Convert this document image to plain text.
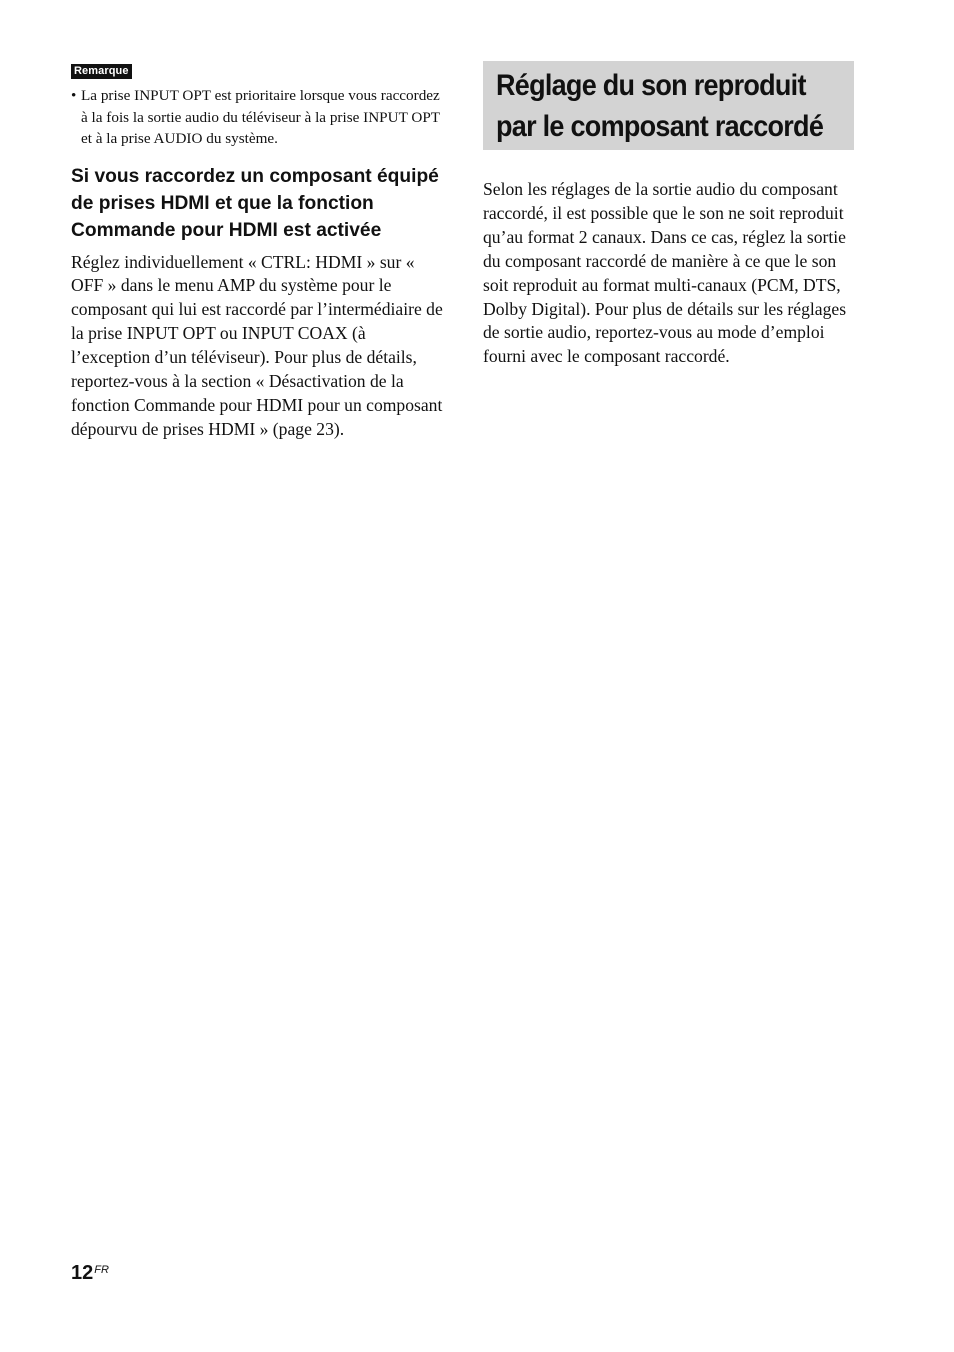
Remarque
• La prise INPUT OPT est prioritaire lorsque vous raccordez à la fois la sortie audio du téléviseur à la prise INPUT OPT et à la prise AUDIO du système.
Si vous raccordez un composant équipé de prises HDMI et que la fonction Commande pour HDMI est activée

Réglez individuellement « CTRL: HDMI » sur « OFF » dans le menu AMP du système pour le composant qui lui est raccordé par l’intermédiaire de la prise INPUT OPT ou INPUT COAX (à l’exception d’un téléviseur). Pour plus de détails, reportez-vous à la section « Désactivation de la fonction Commande pour HDMI pour un composant dépourvu de prises HDMI » (page 23).

Réglage du son reproduit
par le composant raccordé

Selon les réglages de la sortie audio du composant raccordé, il est possible que le son ne soit reproduit qu’au format 2 canaux. Dans ce cas, réglez la sortie du composant raccordé de manière à ce que le son soit reproduit au format multi-canaux (PCM, DTS, Dolby Digital). Pour plus de détails sur les réglages de sortie audio, reportez-vous au mode d’emploi fourni avec le composant raccordé.

$12^{FR}$
